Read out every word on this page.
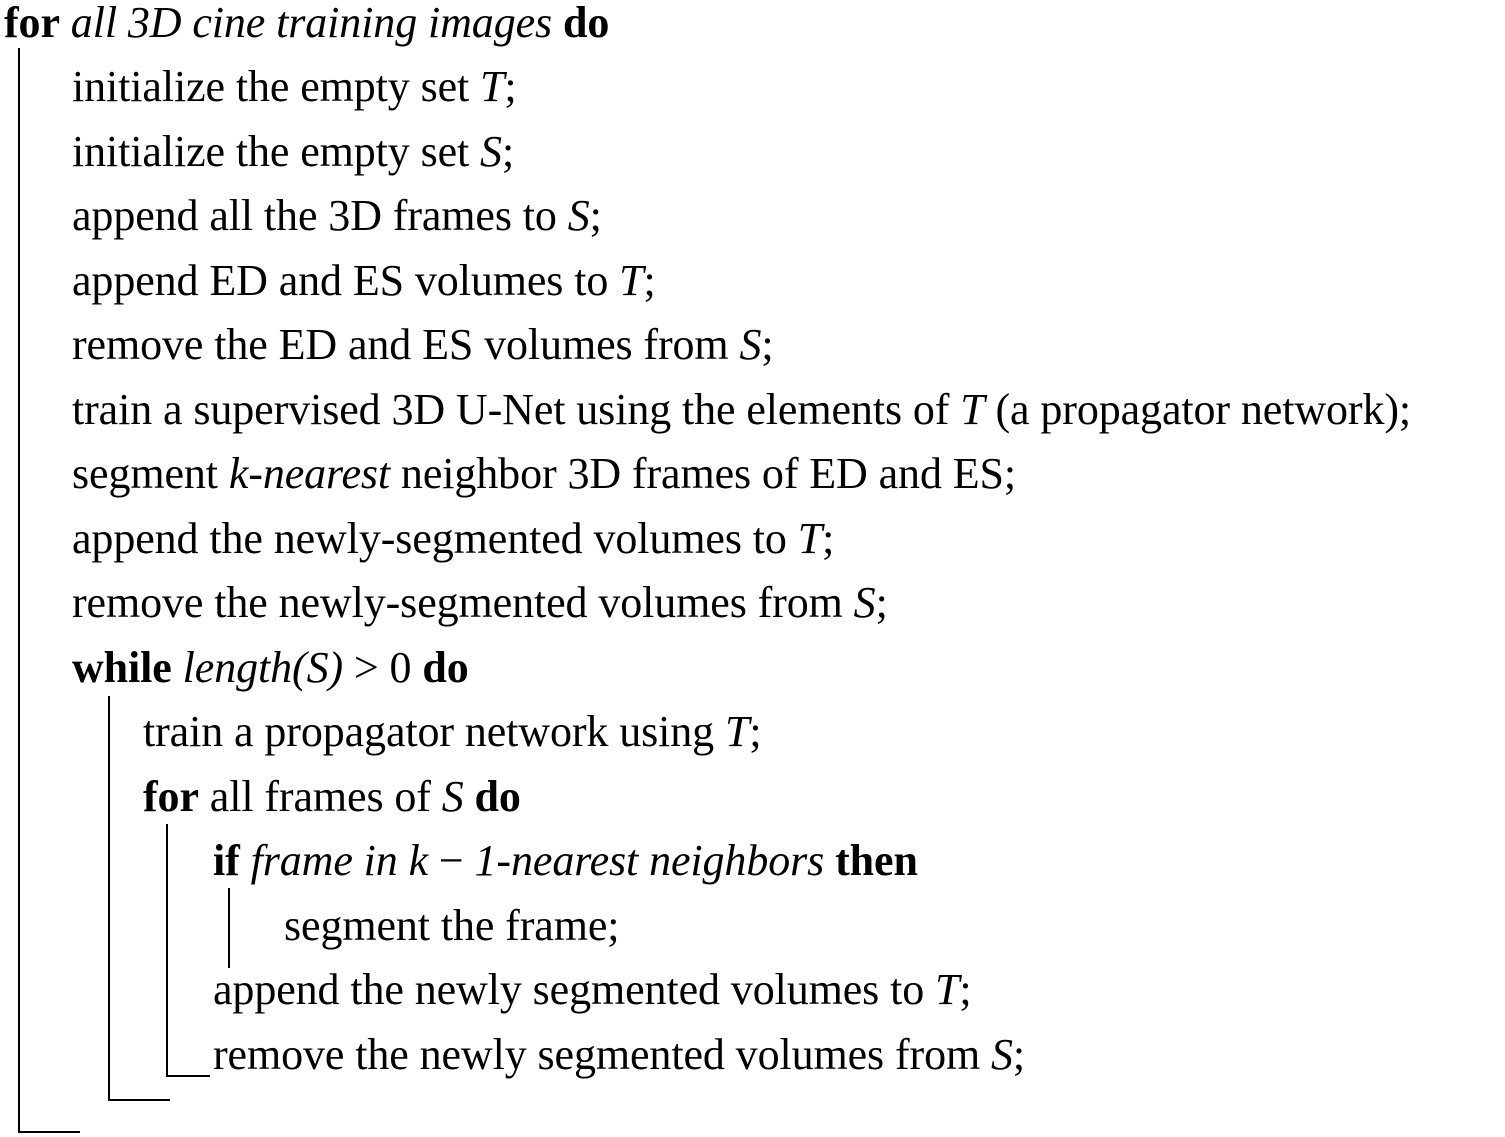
for all 3D cine training images do
initialize the empty set T;
initialize the empty set S;
append all the 3D frames to S;
append ED and ES volumes to T;
remove the ED and ES volumes from S;
train a supervised 3D U-Net using the elements of T (a propagator network);
segment k-nearest neighbor 3D frames of ED and ES;
append the newly-segmented volumes to T;
remove the newly-segmented volumes from S;
while length(S) > 0 do
train a propagator network using T;
for all frames of S do
if frame in k − 1-nearest neighbors then
segment the frame;
append the newly segmented volumes to T;
remove the newly segmented volumes from S;
